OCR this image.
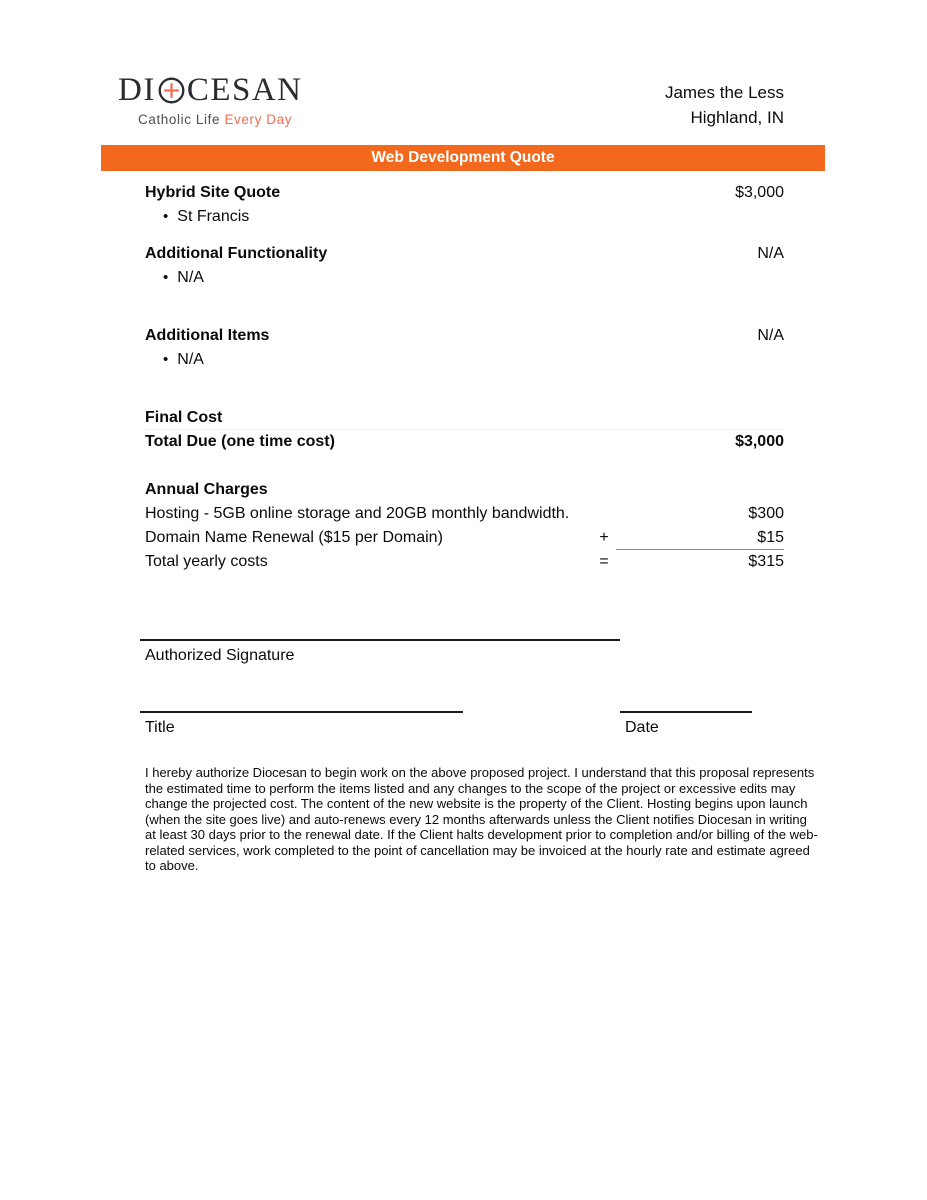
DI CESAN
Catholic Life Every Day
James the Less
Highland, IN
Web Development Quote
Hybrid Site Quote	$3,000
• St Francis
Additional Functionality	N/A
• N/A
Additional Items	N/A
• N/A
Final Cost
Total Due (one time cost)	$3,000
Annual Charges
Hosting - 5GB online storage and 20GB monthly bandwidth.	$300
Domain Name Renewal ($15 per Domain)	+	$15
Total yearly costs	=	$315
Authorized Signature
Title	Date
I hereby authorize Diocesan to begin work on the above proposed project. I understand that this proposal represents the estimated time to perform the items listed and any changes to the scope of the project or excessive edits may change the projected cost. The content of the new website is the property of the Client. Hosting begins upon launch (when the site goes live) and auto-renews every 12 months afterwards unless the Client notifies Diocesan in writing at least 30 days prior to the renewal date. If the Client halts development prior to completion and/or billing of the web-related services, work completed to the point of cancellation may be invoiced at the hourly rate and estimate agreed to above.
